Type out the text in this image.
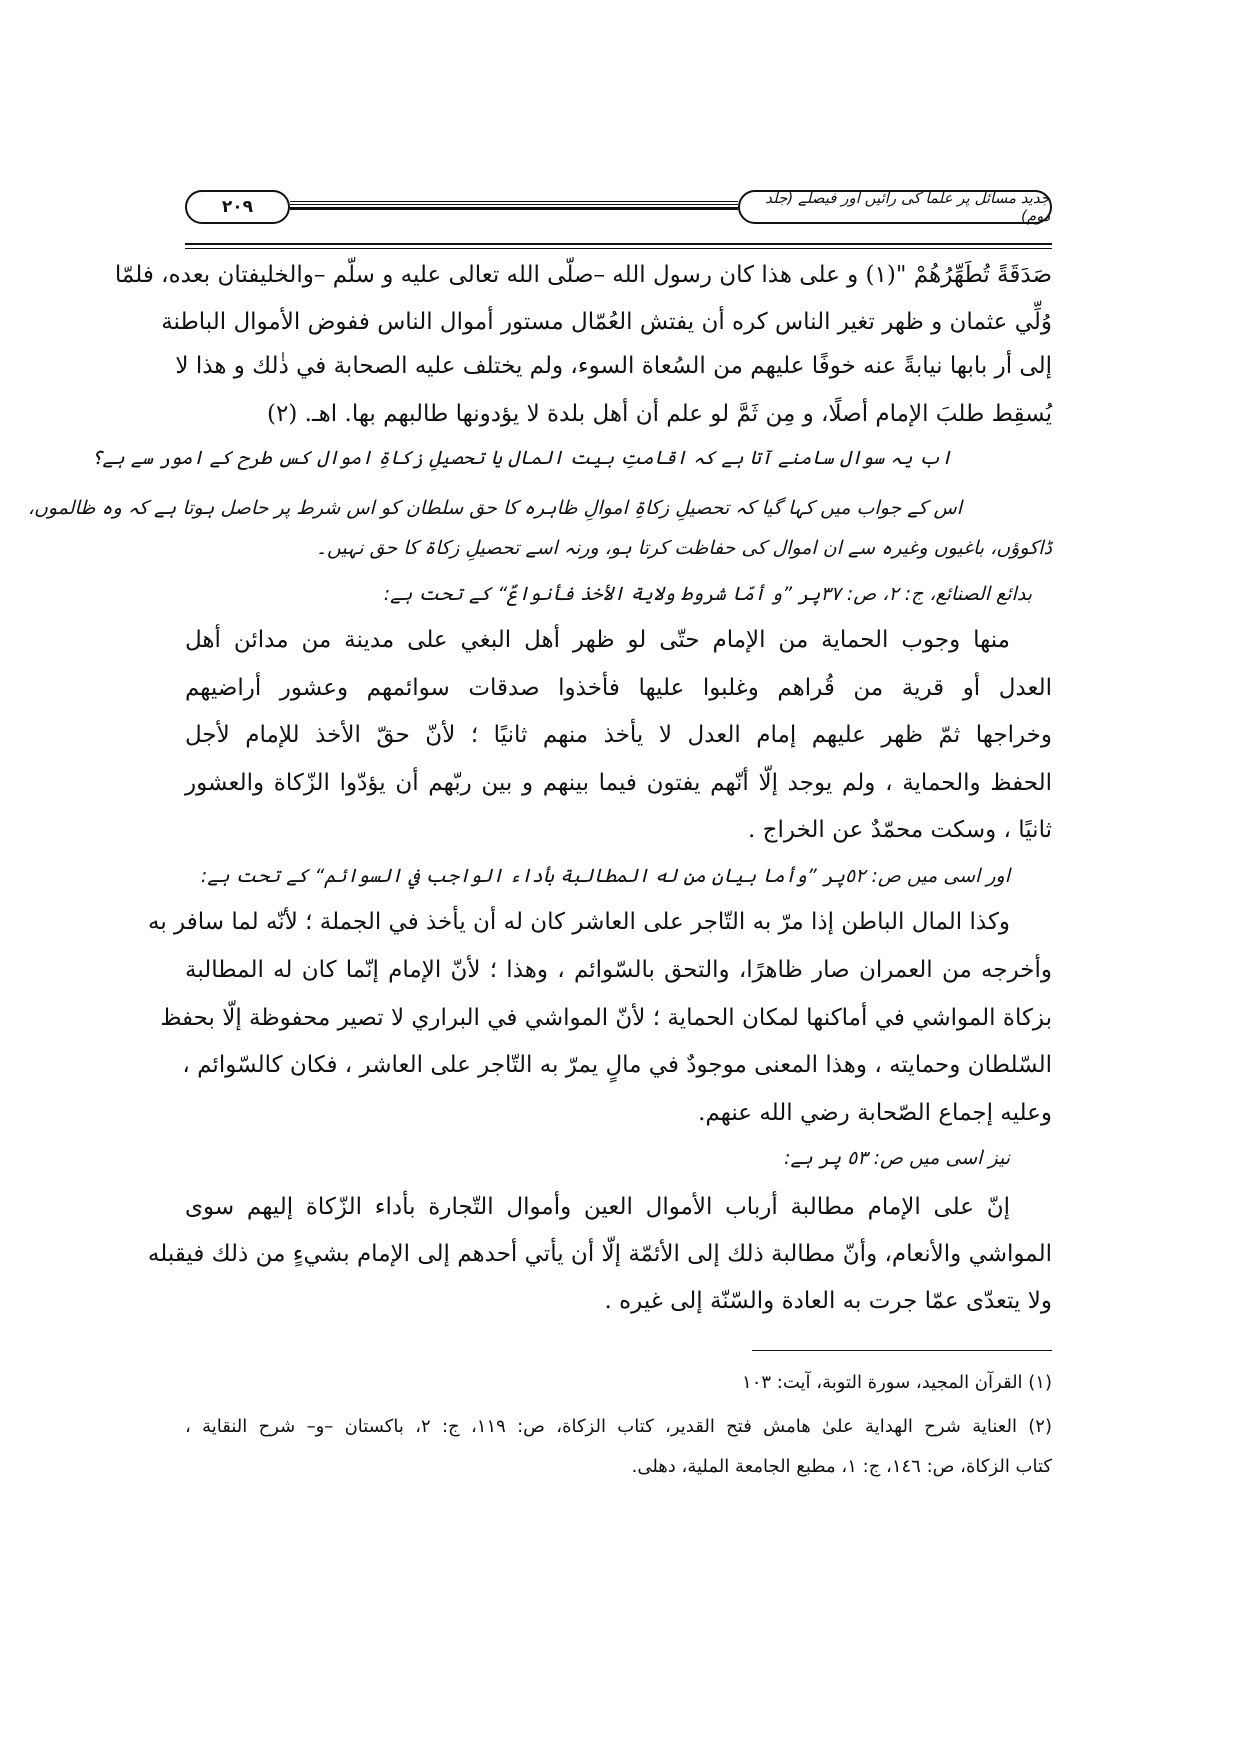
٢٠٩	جدید مسائل پر علما کی رائیں اور فیصلے (جلد دوم)
صَدَقَةً تُطَهِّرُهُمْ "(١) و على هذا كان رسول الله –صلّى الله تعالى عليه و سلّم –والخليفتان بعده، فلمّا
وُلِّي عثمان و ظهر تغير الناس كره أن يفتش العُمّال مستور أموال الناس ففوض الأموال الباطنة
إلى أر بابها نيابةً عنه خوفًا عليهم من السُعاة السوء، ولم يختلف عليه الصحابة في ذٰلك و هذا لا
يُسقِط طلبَ الإمام أصلًا، و مِن ثَمَّ لو علم أن أهل بلدة لا يؤدونها طالبهم بها. اهـ. (٢)
اب یہ سوال سامنے آتا ہے کہ اقامتِ بیت المال یا تحصیلِ زکاۃِ اموال کس طرح کے امور سے ہے؟
اس کے جواب میں کہا گیا کہ تحصیلِ زکاۃِ اموالِ ظاہرہ کا حق سلطان کو اس شرط پر حاصل ہوتا ہے کہ وہ ظالموں،
ڈاکوؤں، باغیوں وغیرہ سے ان اموال کی حفاظت کرتا ہو، ورنہ اسے تحصیلِ زکاۃ کا حق نہیں۔
بدائع الصنائع، ج: ٢، ص: ٣٧پر ”و أمّا شروط ولاية الأخذ فأنواعٌ“ کے تحت ہے:
منها وجوب الحماية من الإمام حتّى لو ظهر أهل البغي على مدينة من مدائن أهل
العدل أو قرية من قُراهم وغلبوا عليها فأخذوا صدقات سوائمهم وعشور أراضيهم
وخراجها ثمّ ظهر عليهم إمام العدل لا يأخذ منهم ثانيًا ؛ لأنّ حقّ الأخذ للإمام لأجل
الحفظ والحماية ، ولم يوجد إلّا أنّهم يفتون فيما بينهم و بين ربّهم أن يؤدّوا الزّكاة والعشور
ثانيًا ، وسكت محمّدٌ عن الخراج .
اور اسی میں ص: ٥٢پر ”وأما بيان من له المطالبة بأداء الواجب في السوائم“ کے تحت ہے:
وكذا المال الباطن إذا مرّ به التّاجر على العاشر كان له أن يأخذ في الجملة ؛ لأنّه لما سافر به
وأخرجه من العمران صار ظاهرًا، والتحق بالسّوائم ، وهذا ؛ لأنّ الإمام إنّما كان له المطالبة
بزكاة المواشي في أماكنها لمكان الحماية ؛ لأنّ المواشي في البراري لا تصير محفوظة إلّا بحفظ
السّلطان وحمايته ، وهذا المعنى موجودٌ في مالٍ يمرّ به التّاجر على العاشر ، فكان كالسّوائم ،
وعليه إجماع الصّحابة رضي الله عنهم.
نیز اسی میں ص: ٥٣ پر ہے:
إنّ على الإمام مطالبة أرباب الأموال العين وأموال التّجارة بأداء الزّكاة إليهم سوى
المواشي والأنعام، وأنّ مطالبة ذلك إلى الأئمّة إلّا أن يأتي أحدهم إلى الإمام بشيءٍ من ذلك فيقبله
ولا يتعدّى عمّا جرت به العادة والسّنّة إلى غيره .
(١) القرآن المجيد، سورة التوبة، آیت: ١٠٣
(٢) العناية شرح الهداية علىٰ هامش فتح القدير، كتاب الزكاة، ص: ١١٩، ج: ٢، باكستان –و– شرح النقاية ،
كتاب الزكاة، ص: ١٤٦، ج: ١، مطبع الجامعة الملية، دهلى.
